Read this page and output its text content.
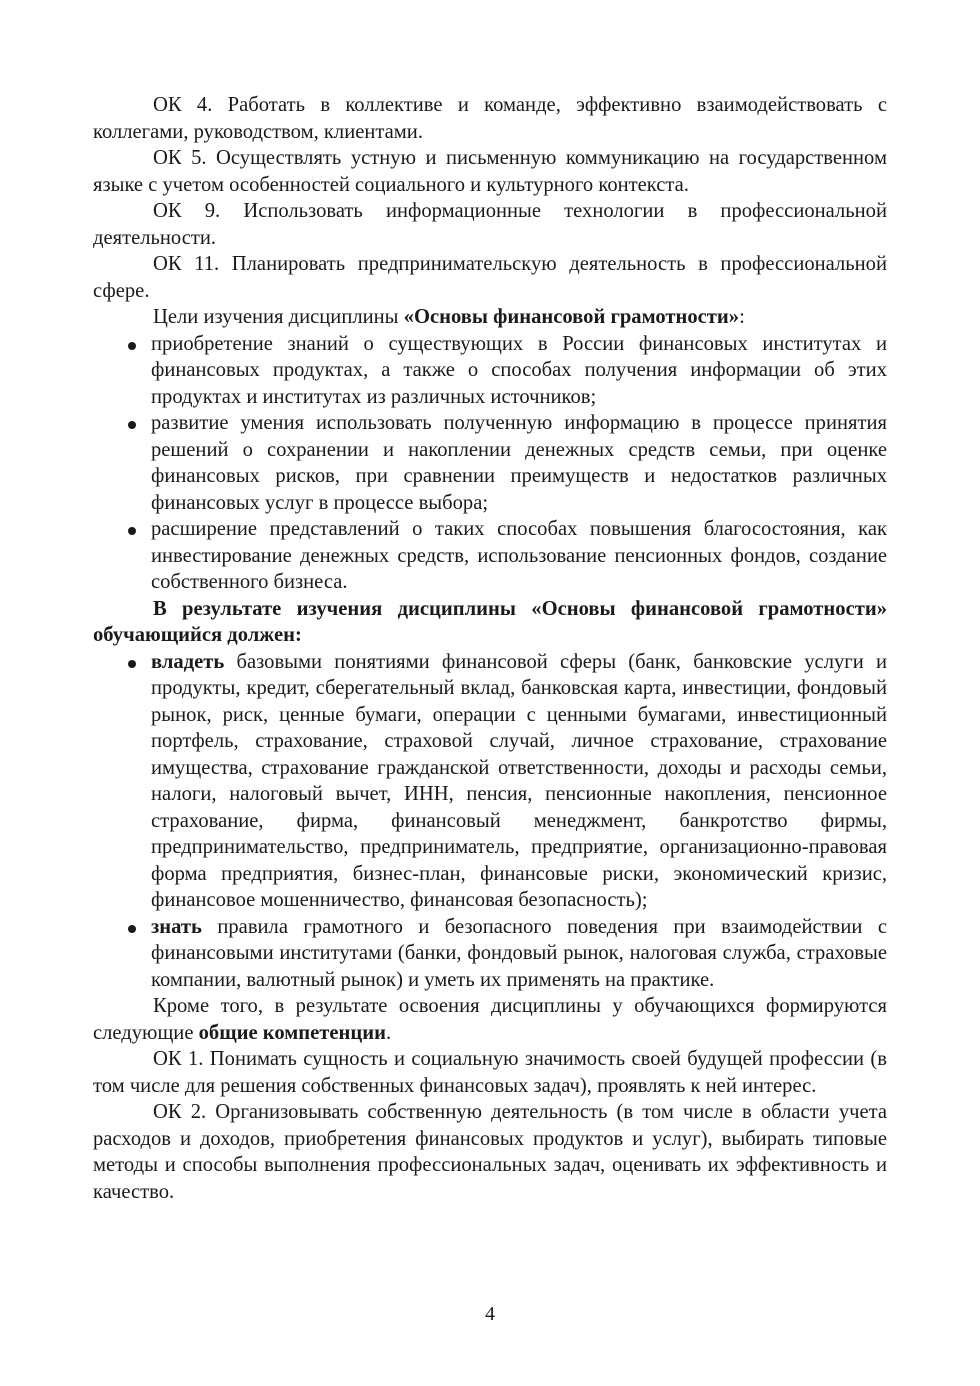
ОК 4. Работать в коллективе и команде, эффективно взаимодействовать с коллегами, руководством, клиентами.

ОК 5. Осуществлять устную и письменную коммуникацию на государственном языке с учетом особенностей социального и культурного контекста.

ОК 9. Использовать информационные технологии в профессиональной деятельности.

ОК 11. Планировать предпринимательскую деятельность в профессиональной сфере.

Цели изучения дисциплины «Основы финансовой грамотности»:

приобретение знаний о существующих в России финансовых институтах и финансовых продуктах, а также о способах получения информации об этих продуктах и институтах из различных источников;
развитие умения использовать полученную информацию в процессе принятия решений о сохранении и накоплении денежных средств семьи, при оценке финансовых рисков, при сравнении преимуществ и недостатков различных финансовых услуг в процессе выбора;
расширение представлений о таких способах повышения благосостояния, как инвестирование денежных средств, использование пенсионных фондов, создание собственного бизнеса.

В результате изучения дисциплины «Основы финансовой грамотности» обучающийся должен:

владеть базовыми понятиями финансовой сферы (банк, банковские услуги и продукты, кредит, сберегательный вклад, банковская карта, инвестиции, фондовый рынок, риск, ценные бумаги, операции с ценными бумагами, инвестиционный портфель, страхование, страховой случай, личное страхование, страхование имущества, страхование гражданской ответственности, доходы и расходы семьи, налоги, налоговый вычет, ИНН, пенсия, пенсионные накопления, пенсионное страхование, фирма, финансовый менеджмент, банкротство фирмы, предпринимательство, предприниматель, предприятие, организационно-правовая форма предприятия, бизнес-план, финансовые риски, экономический кризис, финансовое мошенничество, финансовая безопасность);
знать правила грамотного и безопасного поведения при взаимодействии с финансовыми институтами (банки, фондовый рынок, налоговая служба, страховые компании, валютный рынок) и уметь их применять на практике.

Кроме того, в результате освоения дисциплины у обучающихся формируются следующие общие компетенции.

ОК 1. Понимать сущность и социальную значимость своей будущей профессии (в том числе для решения собственных финансовых задач), проявлять к ней интерес.

ОК 2. Организовывать собственную деятельность (в том числе в области учета расходов и доходов, приобретения финансовых продуктов и услуг), выбирать типовые методы и способы выполнения профессиональных задач, оценивать их эффективность и качество.

4
